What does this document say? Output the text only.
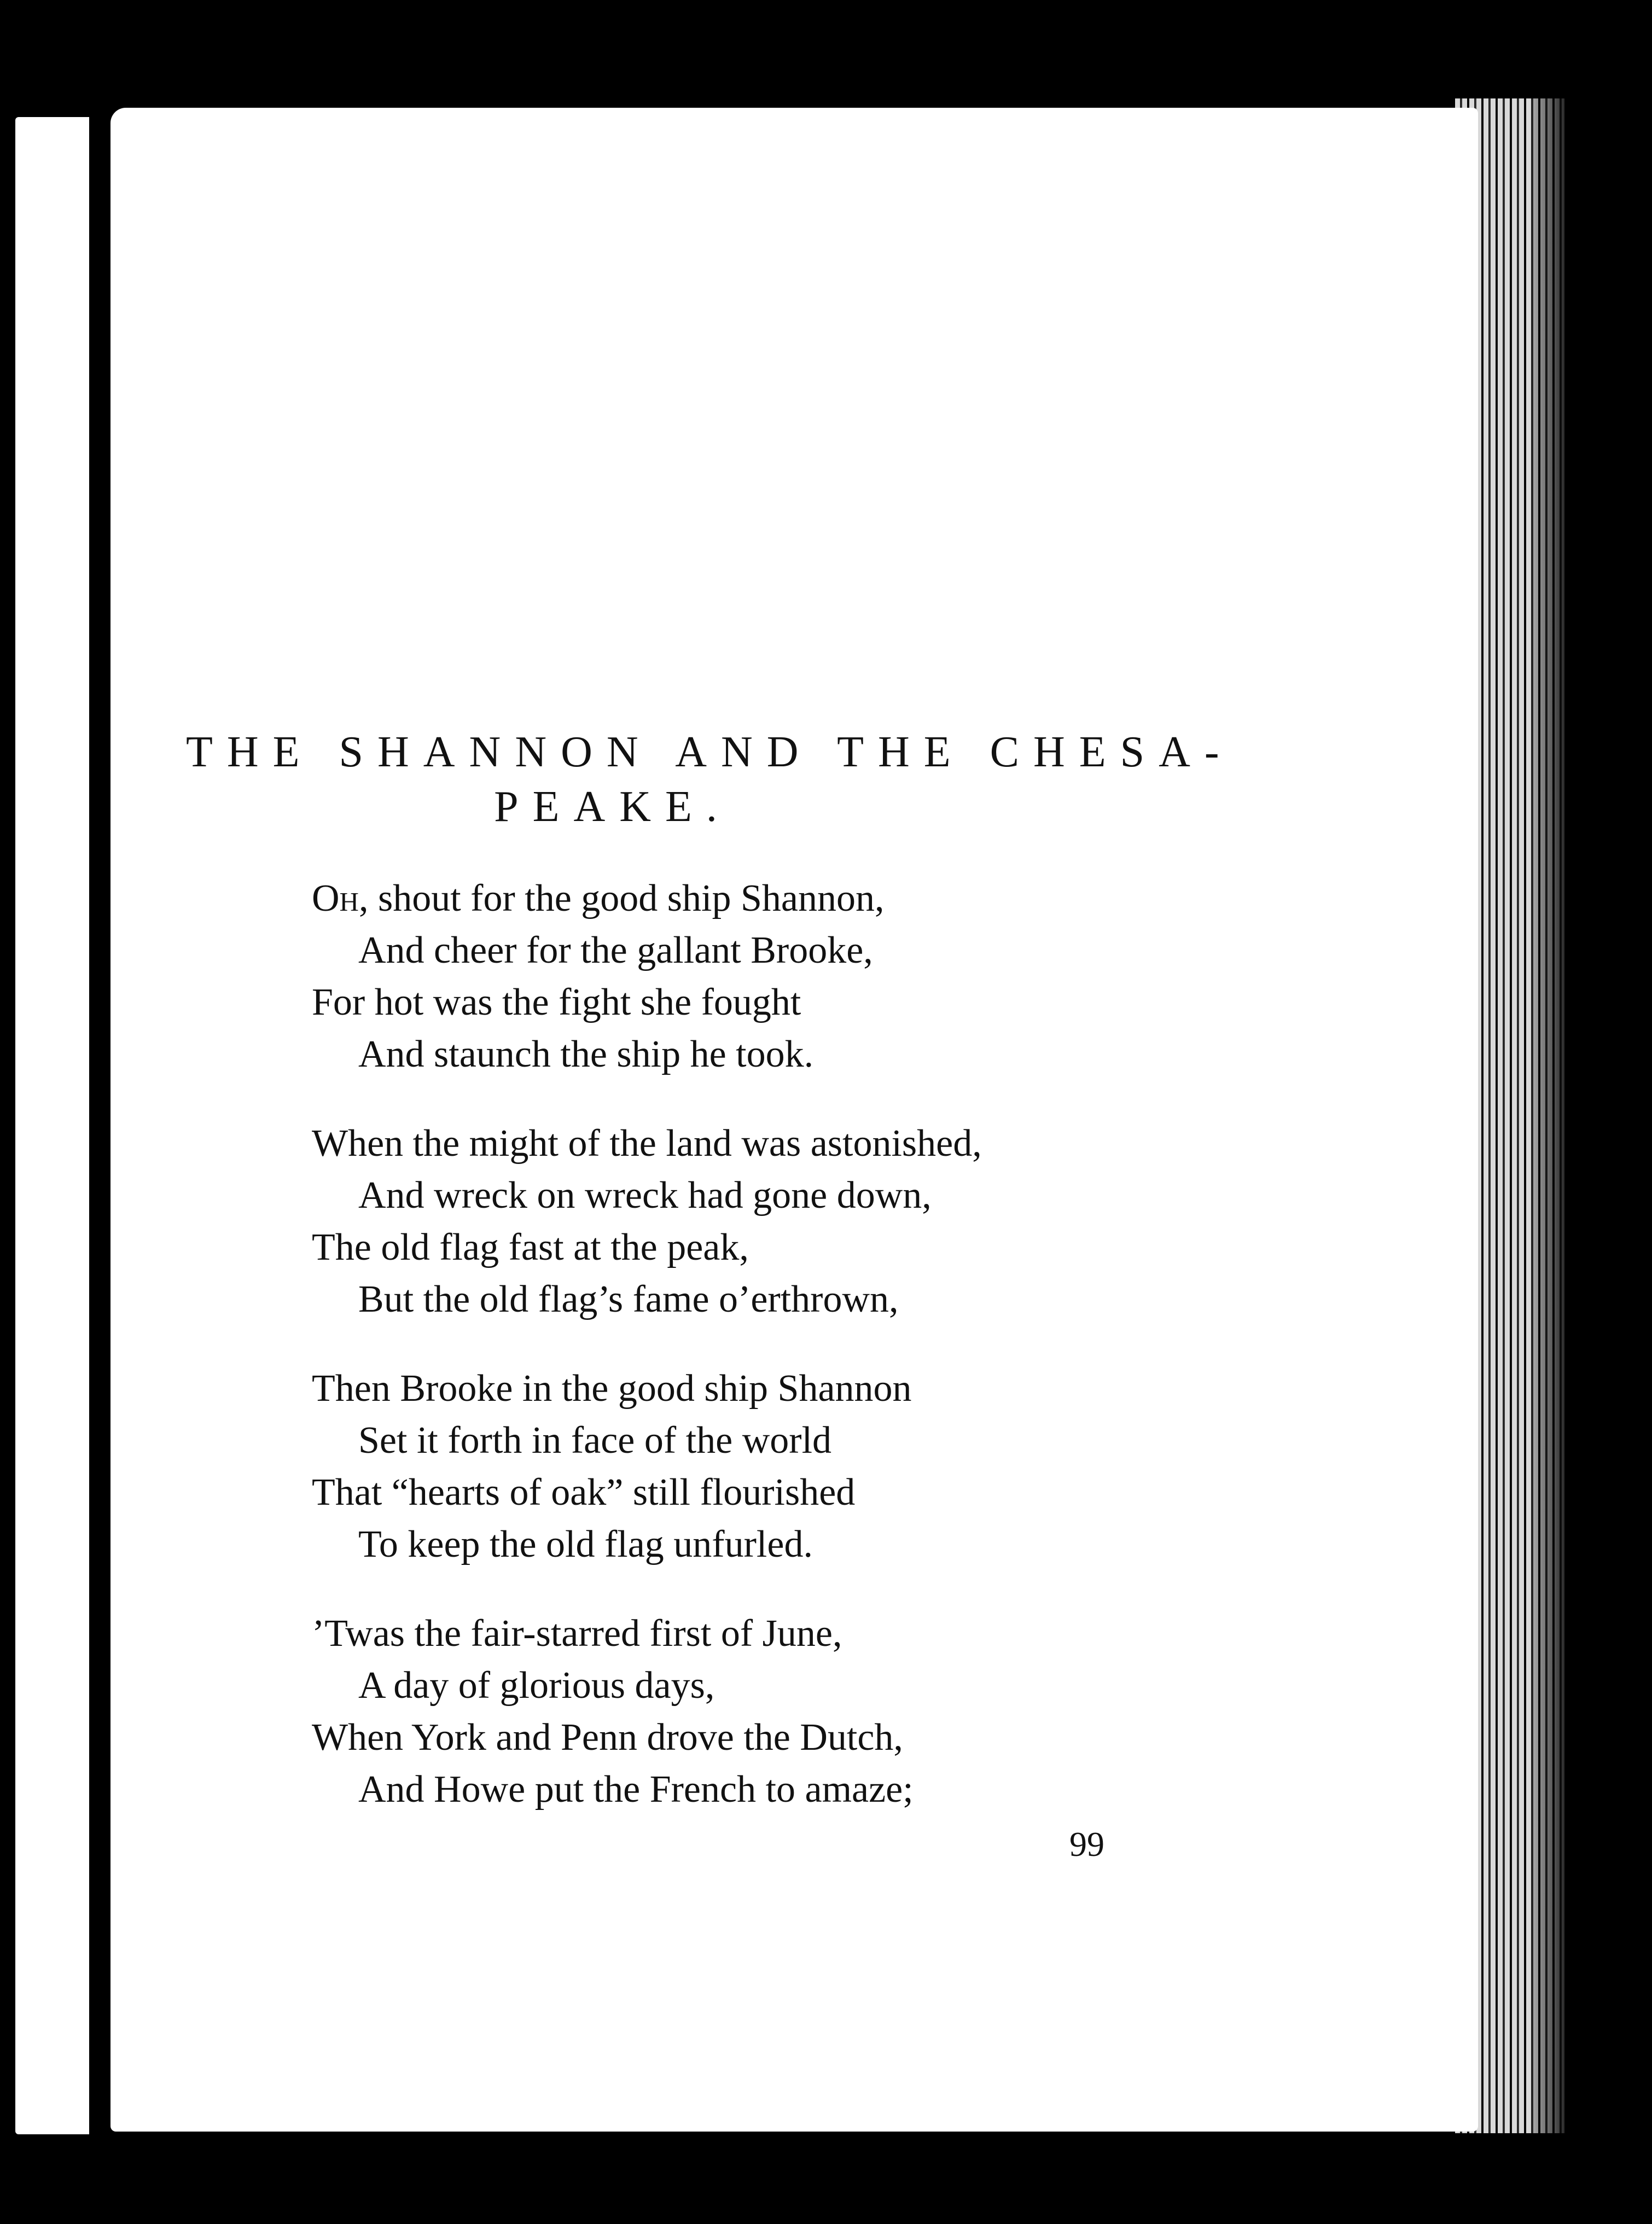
THE SHANNON AND THE CHESA-
PEAKE.
Oh, shout for the good ship Shannon,
And cheer for the gallant Brooke,
For hot was the fight she fought
And staunch the ship he took.
When the might of the land was astonished,
And wreck on wreck had gone down,
The old flag fast at the peak,
But the old flag’s fame o’erthrown,
Then Brooke in the good ship Shannon
Set it forth in face of the world
That “hearts of oak” still flourished
To keep the old flag unfurled.
’Twas the fair-starred first of June,
A day of glorious days,
When York and Penn drove the Dutch,
And Howe put the French to amaze;
99
